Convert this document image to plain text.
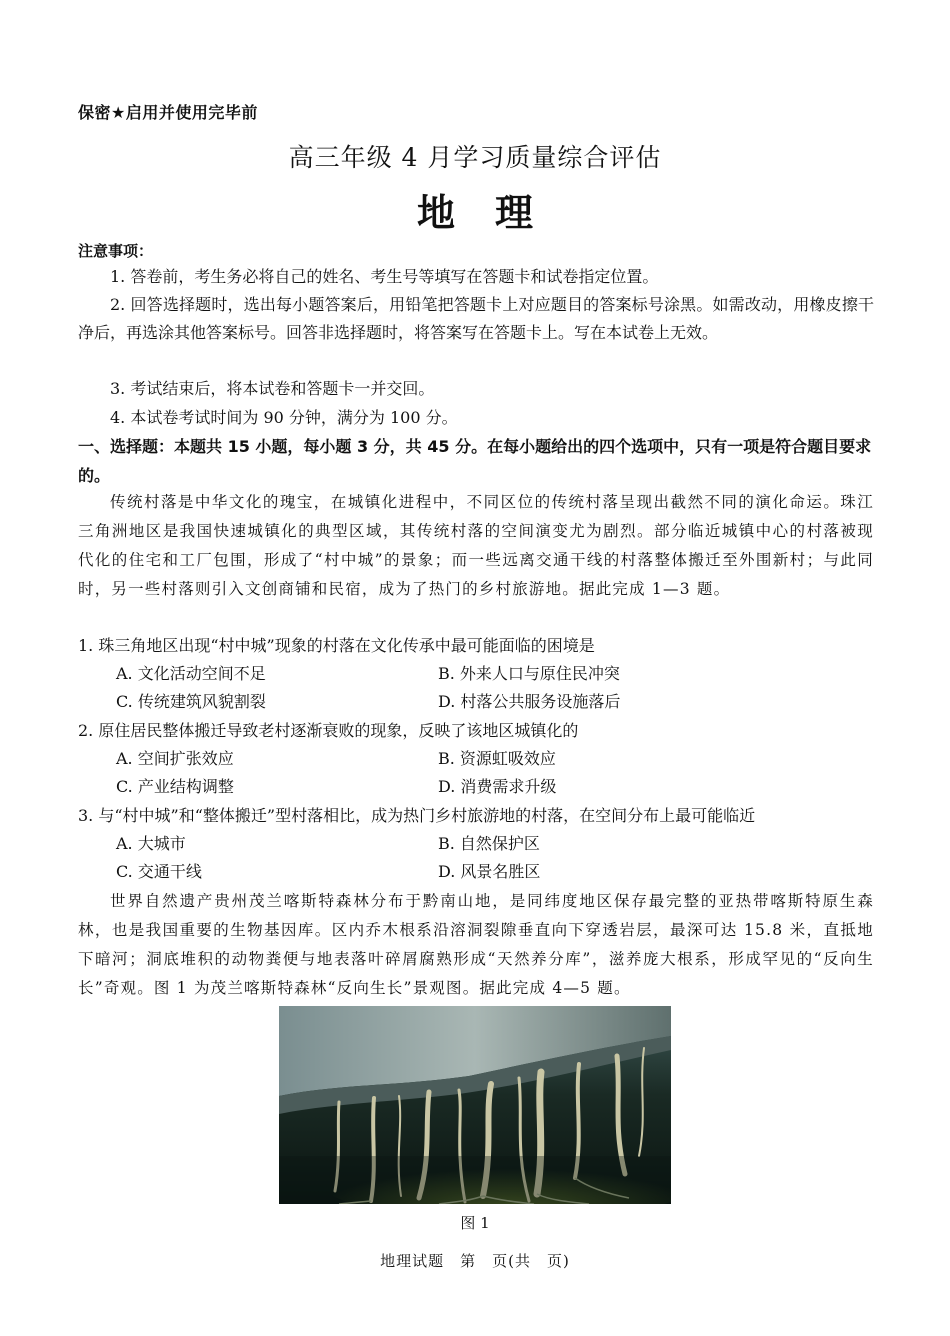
保密★启用并使用完毕前
高三年级 4 月学习质量综合评估
地理
注意事项：
1. 答卷前，考生务必将自己的姓名、考生号等填写在答题卡和试卷指定位置。
2. 回答选择题时，选出每小题答案后，用铅笔把答题卡上对应题目的答案标号涂黑。如需改动，用橡皮擦干净后，再选涂其他答案标号。回答非选择题时，将答案写在答题卡上。写在本试卷上无效。
3. 考试结束后，将本试卷和答题卡一并交回。
4. 本试卷考试时间为 90 分钟，满分为 100 分。
一、选择题：本题共 15 小题，每小题 3 分，共 45 分。在每小题给出的四个选项中，只有一项是符合题目要求的。
传统村落是中华文化的瑰宝，在城镇化进程中，不同区位的传统村落呈现出截然不同的演化命运。珠江三角洲地区是我国快速城镇化的典型区域，其传统村落的空间演变尤为剧烈。部分临近城镇中心的村落被现代化的住宅和工厂包围，形成了“村中城”的景象；而一些远离交通干线的村落整体搬迁至外围新村；与此同时，另一些村落则引入文创商铺和民宿，成为了热门的乡村旅游地。据此完成 1—3 题。
1. 珠三角地区出现“村中城”现象的村落在文化传承中最可能面临的困境是
A. 文化活动空间不足	B. 外来人口与原住民冲突
C. 传统建筑风貌割裂	D. 村落公共服务设施落后
2. 原住居民整体搬迁导致老村逐渐衰败的现象，反映了该地区城镇化的
A. 空间扩张效应	B. 资源虹吸效应
C. 产业结构调整	D. 消费需求升级
3. 与“村中城”和“整体搬迁”型村落相比，成为热门乡村旅游地的村落，在空间分布上最可能临近
A. 大城市	B. 自然保护区
C. 交通干线	D. 风景名胜区
世界自然遗产贵州茂兰喀斯特森林分布于黔南山地，是同纬度地区保存最完整的亚热带喀斯特原生森林，也是我国重要的生物基因库。区内乔木根系沿溶洞裂隙垂直向下穿透岩层，最深可达 15.8 米，直抵地下暗河；洞底堆积的动物粪便与地表落叶碎屑腐熟形成“天然养分库”，滋养庞大根系，形成罕见的“反向生长”奇观。图 1 为茂兰喀斯特森林“反向生长”景观图。据此完成 4—5 题。
图 1
地理试题　第　页(共　页)
